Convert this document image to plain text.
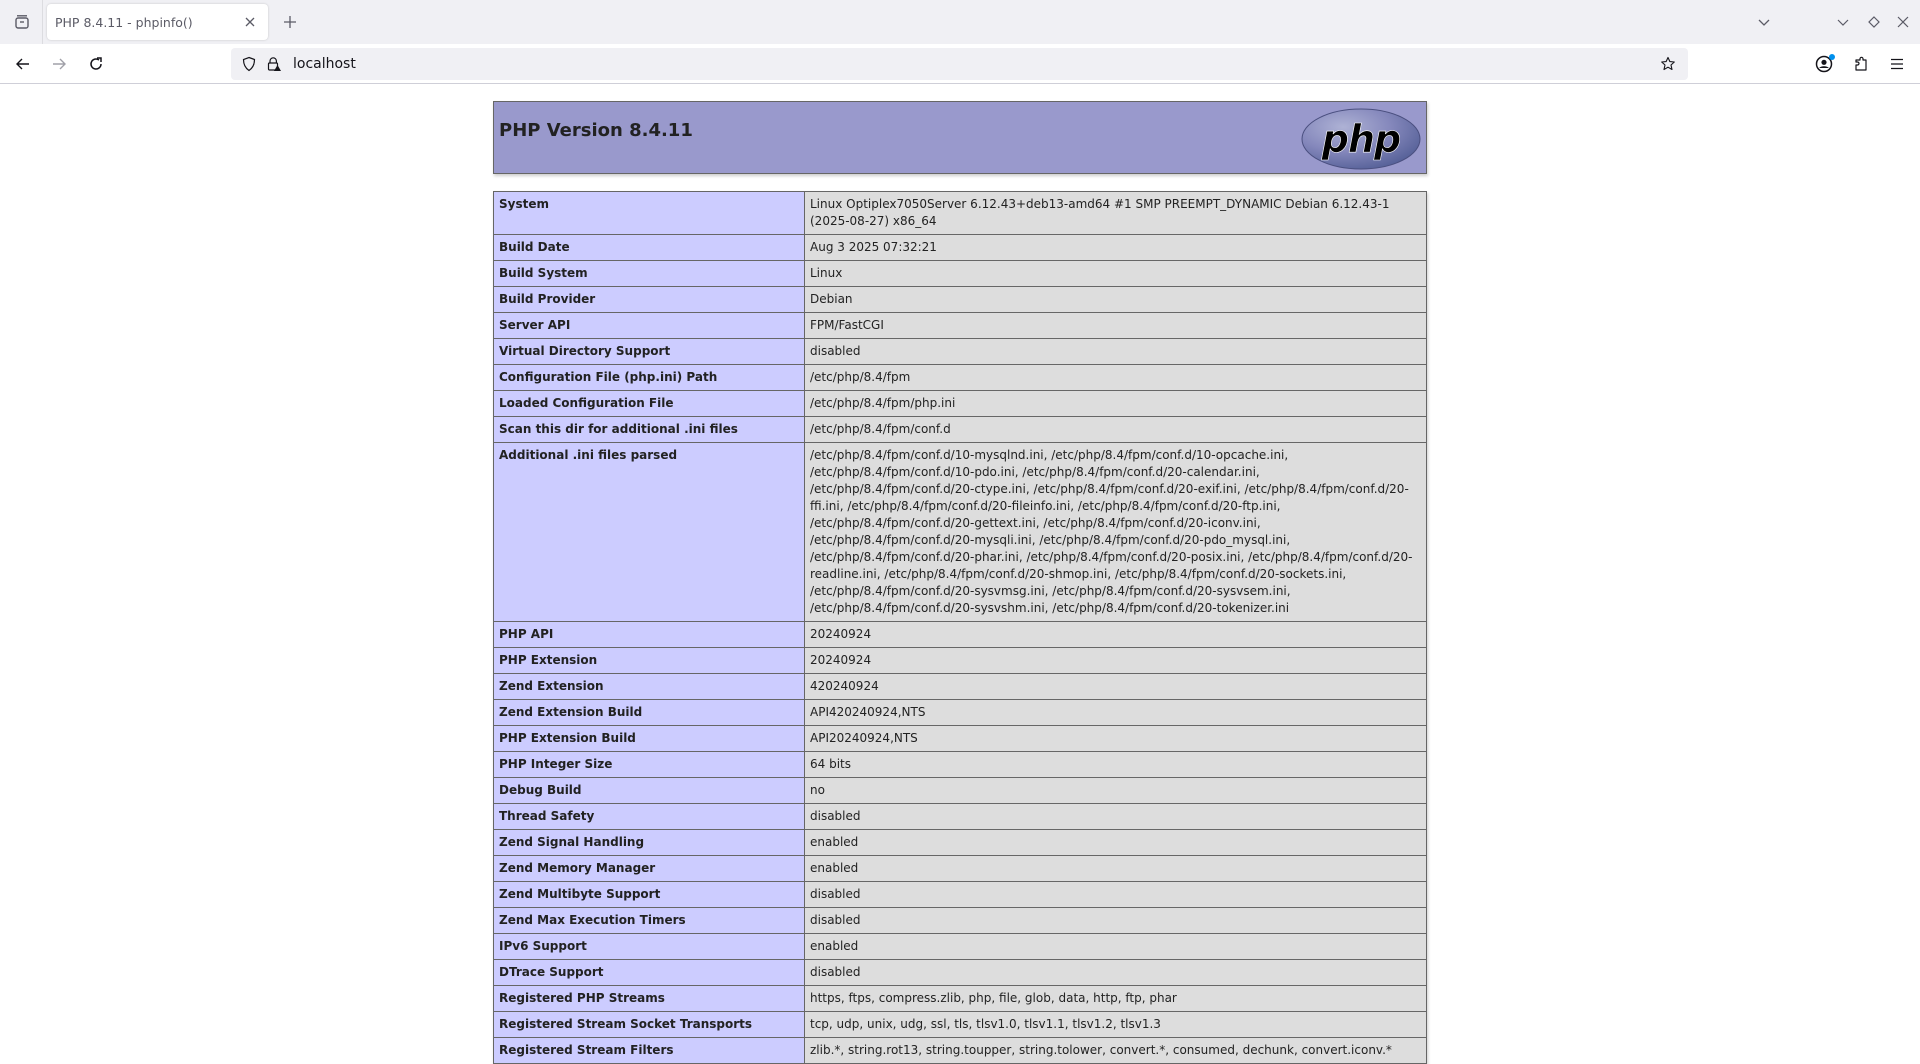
PHP 8.4.11 - phpinfo()
localhost
PHP Version 8.4.11	php
System	Linux Optiplex7050Server 6.12.43+deb13-amd64 #1 SMP PREEMPT_DYNAMIC Debian 6.12.43-1 (2025-08-27) x86_64
Build Date	Aug 3 2025 07:32:21
Build System	Linux
Build Provider	Debian
Server API	FPM/FastCGI
Virtual Directory Support	disabled
Configuration File (php.ini) Path	/etc/php/8.4/fpm
Loaded Configuration File	/etc/php/8.4/fpm/php.ini
Scan this dir for additional .ini files	/etc/php/8.4/fpm/conf.d
Additional .ini files parsed	/etc/php/8.4/fpm/conf.d/10-mysqlnd.ini, /etc/php/8.4/fpm/conf.d/10-opcache.ini, /etc/php/8.4/fpm/conf.d/10-pdo.ini, /etc/php/8.4/fpm/conf.d/20-calendar.ini, /etc/php/8.4/fpm/conf.d/20-ctype.ini, /etc/php/8.4/fpm/conf.d/20-exif.ini, /etc/php/8.4/fpm/conf.d/20-ffi.ini, /etc/php/8.4/fpm/conf.d/20-fileinfo.ini, /etc/php/8.4/fpm/conf.d/20-ftp.ini, /etc/php/8.4/fpm/conf.d/20-gettext.ini, /etc/php/8.4/fpm/conf.d/20-iconv.ini, /etc/php/8.4/fpm/conf.d/20-mysqli.ini, /etc/php/8.4/fpm/conf.d/20-pdo_mysql.ini, /etc/php/8.4/fpm/conf.d/20-phar.ini, /etc/php/8.4/fpm/conf.d/20-posix.ini, /etc/php/8.4/fpm/conf.d/20-readline.ini, /etc/php/8.4/fpm/conf.d/20-shmop.ini, /etc/php/8.4/fpm/conf.d/20-sockets.ini, /etc/php/8.4/fpm/conf.d/20-sysvmsg.ini, /etc/php/8.4/fpm/conf.d/20-sysvsem.ini, /etc/php/8.4/fpm/conf.d/20-sysvshm.ini, /etc/php/8.4/fpm/conf.d/20-tokenizer.ini
PHP API	20240924
PHP Extension	20240924
Zend Extension	420240924
Zend Extension Build	API420240924,NTS
PHP Extension Build	API20240924,NTS
PHP Integer Size	64 bits
Debug Build	no
Thread Safety	disabled
Zend Signal Handling	enabled
Zend Memory Manager	enabled
Zend Multibyte Support	disabled
Zend Max Execution Timers	disabled
IPv6 Support	enabled
DTrace Support	disabled
Registered PHP Streams	https, ftps, compress.zlib, php, file, glob, data, http, ftp, phar
Registered Stream Socket Transports	tcp, udp, unix, udg, ssl, tls, tlsv1.0, tlsv1.1, tlsv1.2, tlsv1.3
Registered Stream Filters	zlib.*, string.rot13, string.toupper, string.tolower, convert.*, consumed, dechunk, convert.iconv.*
